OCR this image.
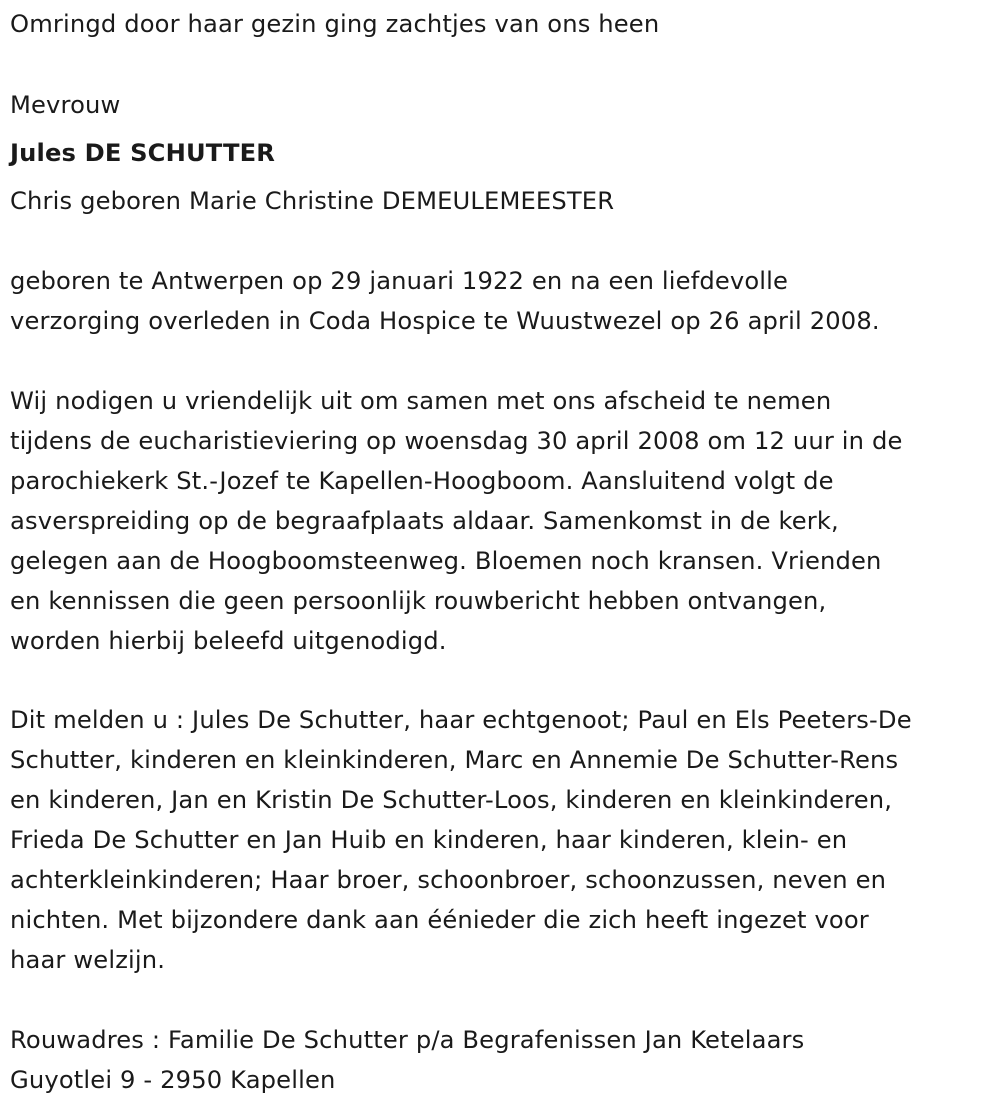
Omringd door haar gezin ging zachtjes van ons heen
Mevrouw
Jules DE SCHUTTER
Chris geboren Marie Christine DEMEULEMEESTER
geboren te Antwerpen op 29 januari 1922 en na een liefdevolle
verzorging overleden in Coda Hospice te Wuustwezel op 26 april 2008.
Wij nodigen u vriendelijk uit om samen met ons afscheid te nemen
tijdens de eucharistieviering op woensdag 30 april 2008 om 12 uur in de
parochiekerk St.-Jozef te Kapellen-Hoogboom. Aansluitend volgt de
asverspreiding op de begraafplaats aldaar. Samenkomst in de kerk,
gelegen aan de Hoogboomsteenweg. Bloemen noch kransen. Vrienden
en kennissen die geen persoonlijk rouwbericht hebben ontvangen,
worden hierbij beleefd uitgenodigd.
Dit melden u : Jules De Schutter, haar echtgenoot; Paul en Els Peeters-De
Schutter, kinderen en kleinkinderen, Marc en Annemie De Schutter-Rens
en kinderen, Jan en Kristin De Schutter-Loos, kinderen en kleinkinderen,
Frieda De Schutter en Jan Huib en kinderen, haar kinderen, klein- en
achterkleinkinderen; Haar broer, schoonbroer, schoonzussen, neven en
nichten. Met bijzondere dank aan éénieder die zich heeft ingezet voor
haar welzijn.
Rouwadres : Familie De Schutter p/a Begrafenissen Jan Ketelaars
Guyotlei 9 - 2950 Kapellen
